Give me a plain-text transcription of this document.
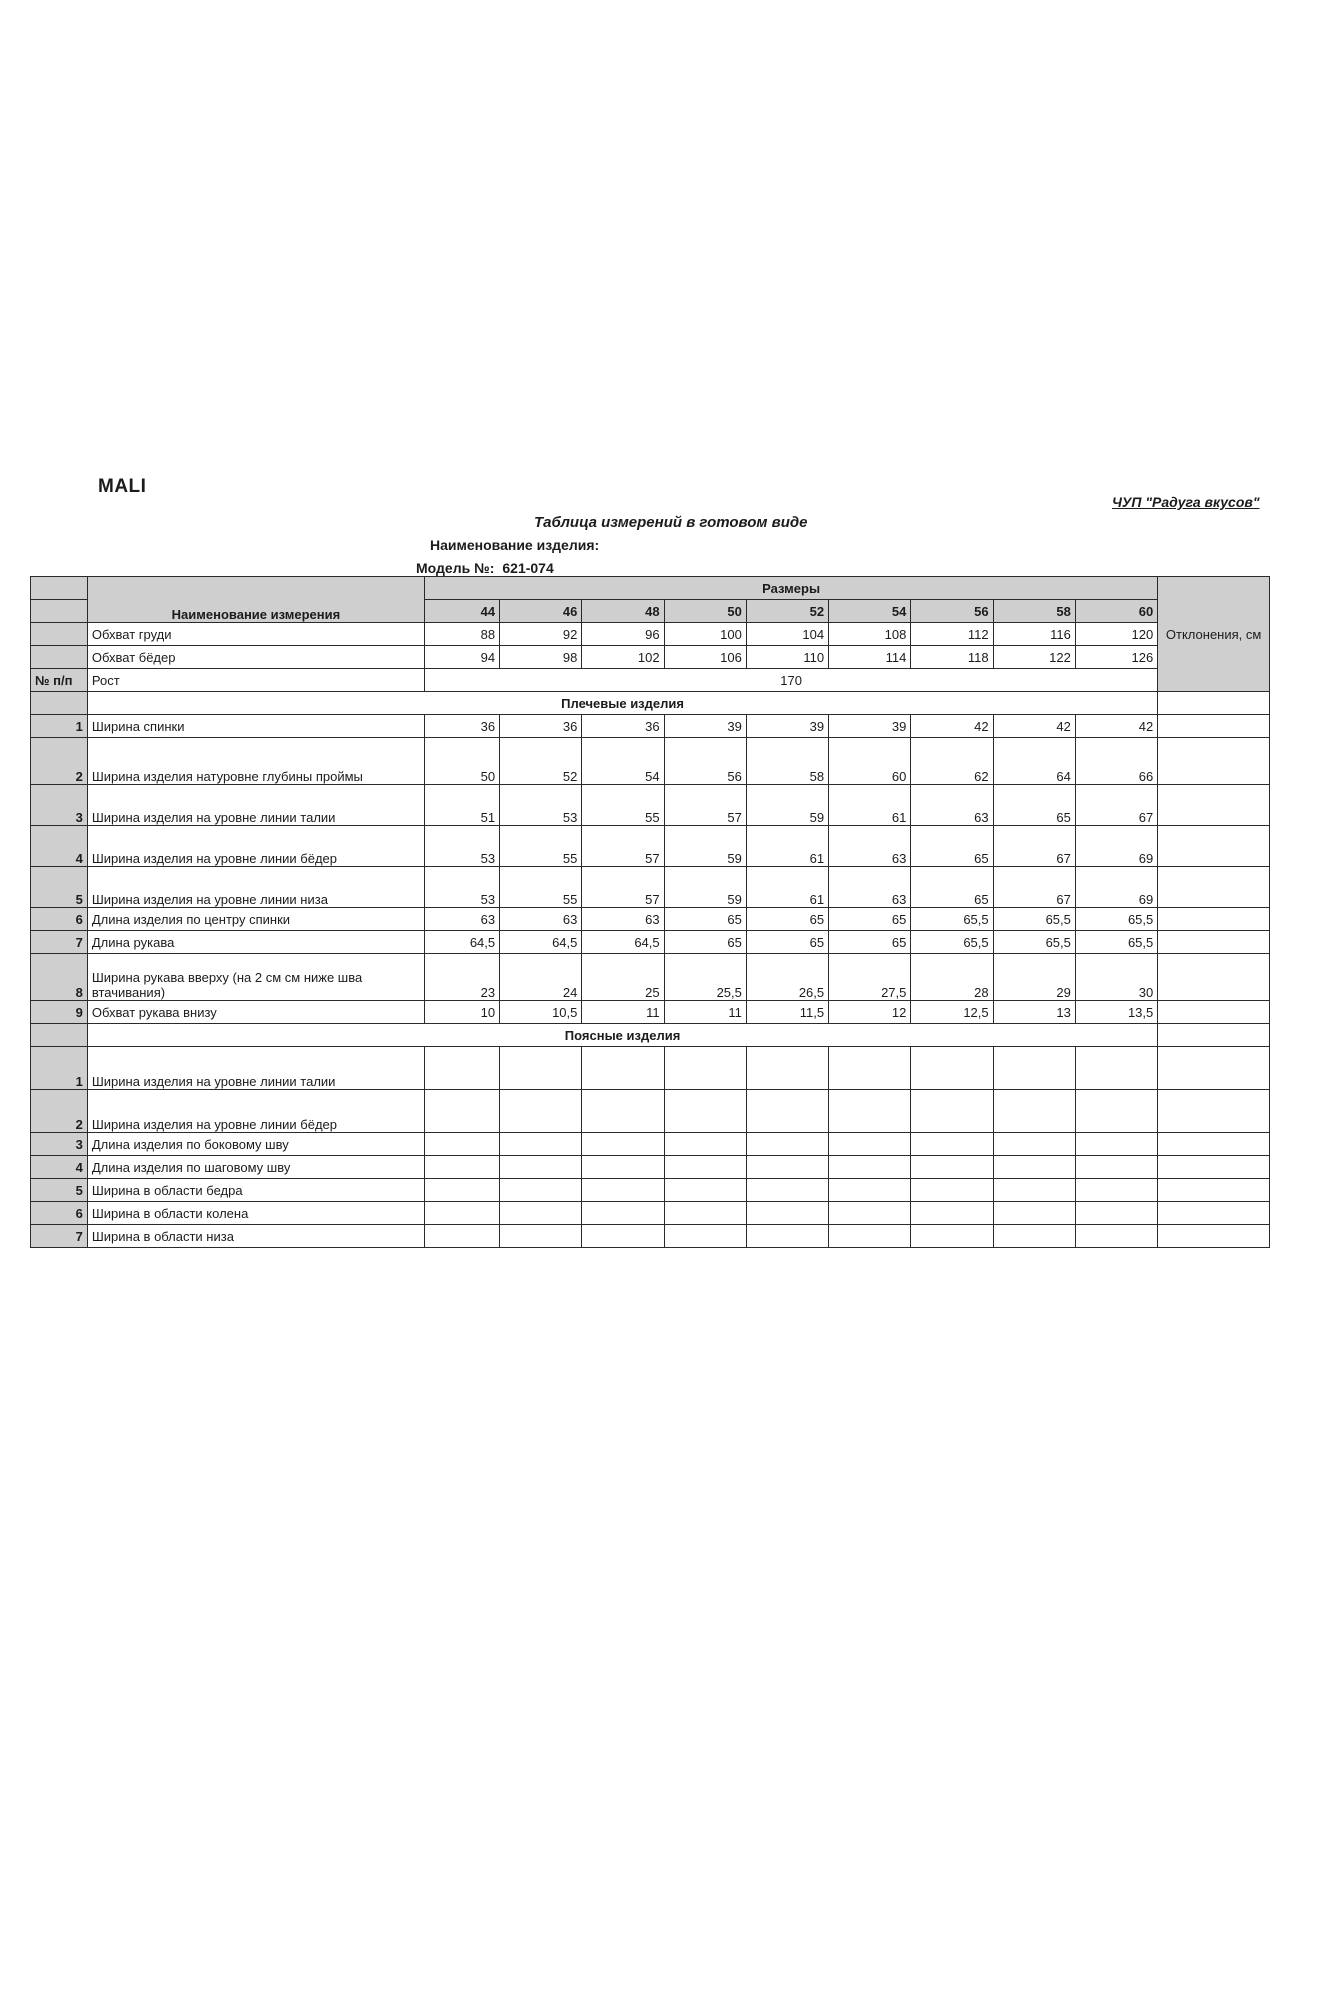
MALI
ЧУП "Радуга вкусов"
Таблица измерений в готовом виде
Наименование изделия:
Модель №: 621-074
	Наименование измерения	Размеры									Отклонения, см
		44	46	48	50	52	54	56	58	60	
	Обхват груди	88	92	96	100	104	108	112	116	120	
	Обхват бёдер	94	98	102	106	110	114	118	122	126	
№ п/п	Рост	170									
	Плечевые изделия										
1	Ширина спинки	36	36	36	39	39	39	42	42	42	
2	Ширина изделия натуровне глубины проймы	50	52	54	56	58	60	62	64	66	
3	Ширина изделия на уровне линии талии	51	53	55	57	59	61	63	65	67	
4	Ширина изделия на уровне линии бёдер	53	55	57	59	61	63	65	67	69	
5	Ширина изделия на уровне линии низа	53	55	57	59	61	63	65	67	69	
6	Длина изделия по центру спинки	63	63	63	65	65	65	65,5	65,5	65,5	
7	Длина рукава	64,5	64,5	64,5	65	65	65	65,5	65,5	65,5	
8	Ширина рукава вверху (на 2 см см ниже шва втачивания)	23	24	25	25,5	26,5	27,5	28	29	30	
9	Обхват рукава внизу	10	10,5	11	11	11,5	12	12,5	13	13,5	
	Поясные изделия										
1	Ширина изделия на уровне линии талии										
2	Ширина изделия на уровне линии бёдер										
3	Длина изделия по боковому шву										
4	Длина изделия по шаговому шву										
5	Ширина в области бедра										
6	Ширина в области колена										
7	Ширина в области низа										
